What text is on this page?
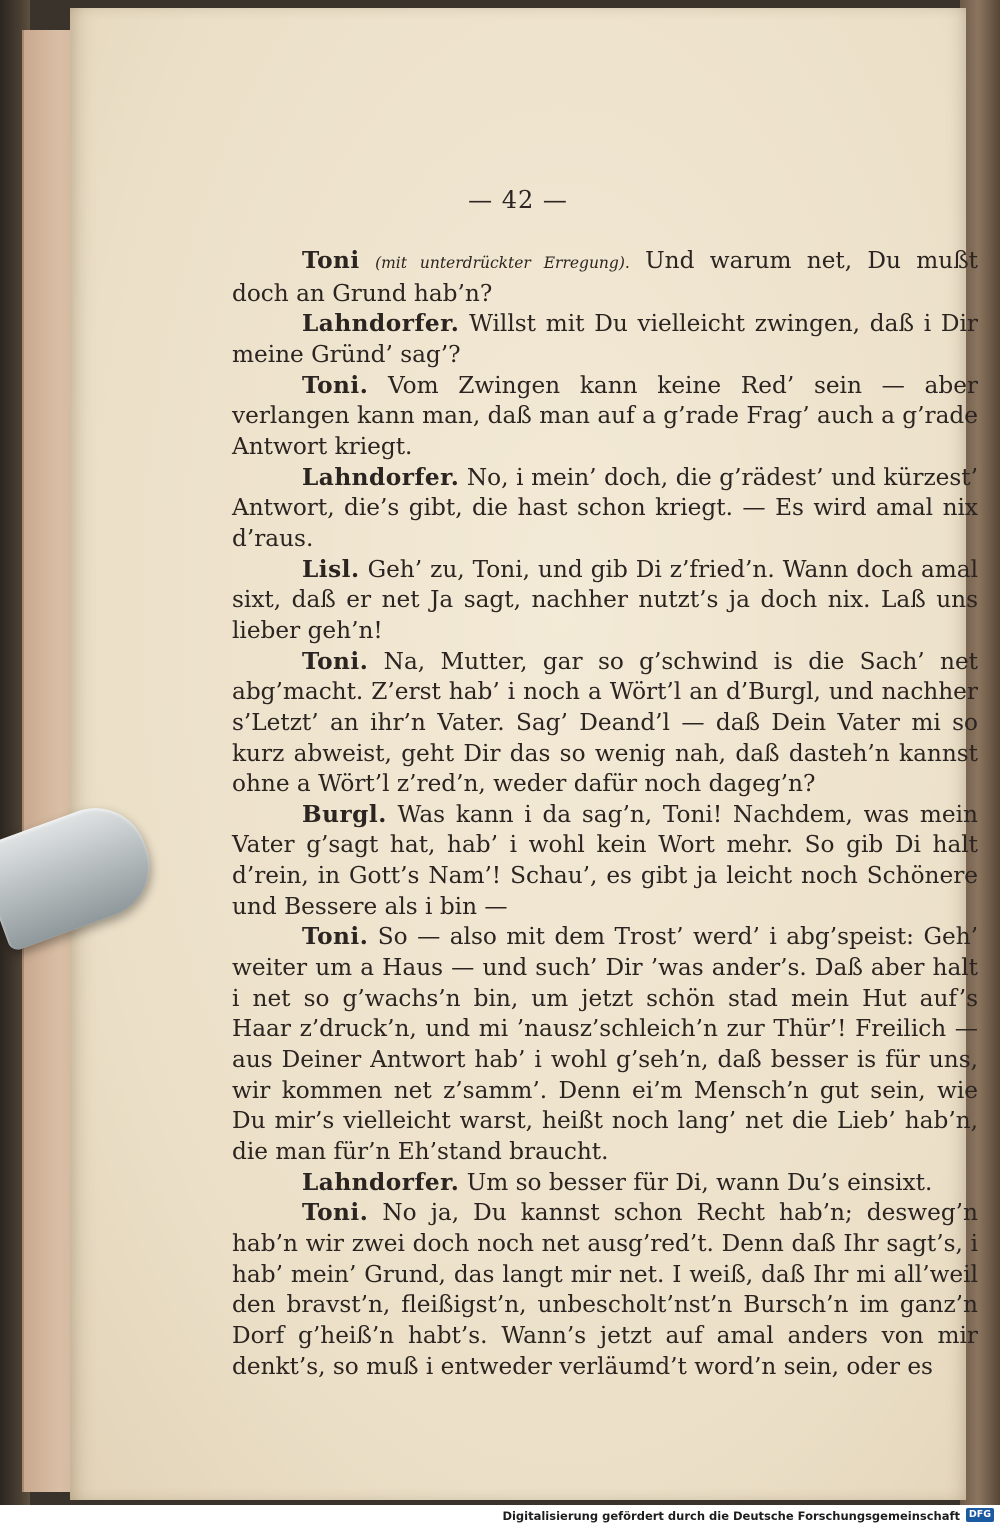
— 42 —

Toni (mit unterdrückter Erregung). Und warum net, Du mußt doch an Grund hab’n?

Lahndorfer. Willst mit Du vielleicht zwingen, daß i Dir meine Gründ’ sag’?

Toni. Vom Zwingen kann keine Red’ sein — aber verlangen kann man, daß man auf a g’rade Frag’ auch a g’rade Antwort kriegt.

Lahndorfer. No, i mein’ doch, die g’rädest’ und kürzest’ Antwort, die’s gibt, die hast schon kriegt. — Es wird amal nix d’raus.

Lisl. Geh’ zu, Toni, und gib Di z’fried’n. Wann doch amal sixt, daß er net Ja sagt, nachher nutzt’s ja doch nix. Laß uns lieber geh’n!

Toni. Na, Mutter, gar so g’schwind is die Sach’ net abg’macht. Z’erst hab’ i noch a Wört’l an d’Burgl, und nachher s’Letzt’ an ihr’n Vater. Sag’ Deand’l — daß Dein Vater mi so kurz abweist, geht Dir das so wenig nah, daß dasteh’n kannst ohne a Wört’l z’red’n, weder dafür noch dageg’n?

Burgl. Was kann i da sag’n, Toni! Nachdem, was mein Vater g’sagt hat, hab’ i wohl kein Wort mehr. So gib Di halt d’rein, in Gott’s Nam’! Schau’, es gibt ja leicht noch Schönere und Bessere als i bin —

Toni. So — also mit dem Trost’ werd’ i abg’speist: Geh’ weiter um a Haus — und such’ Dir ’was ander’s. Daß aber halt i net so g’wachs’n bin, um jetzt schön stad mein Hut auf’s Haar z’druck’n, und mi ’nausz’schleich’n zur Thür’! Freilich — aus Deiner Antwort hab’ i wohl g’seh’n, daß besser is für uns, wir kommen net z’samm’. Denn ei’m Mensch’n gut sein, wie Du mir’s vielleicht warst, heißt noch lang’ net die Lieb’ hab’n, die man für’n Eh’stand braucht.

Lahndorfer. Um so besser für Di, wann Du’s einsixt.

Toni. No ja, Du kannst schon Recht hab’n; desweg’n hab’n wir zwei doch noch net ausg’red’t. Denn daß Ihr sagt’s, i hab’ mein’ Grund, das langt mir net. I weiß, daß Ihr mi all’weil den bravst’n, fleißigst’n, unbescholt’nst’n Bursch’n im ganz’n Dorf g’heiß’n habt’s. Wann’s jetzt auf amal anders von mir denkt’s, so muß i entweder verläumd’t word’n sein, oder es

Digitalisierung gefördert durch die Deutsche Forschungsgemeinschaft DFG
